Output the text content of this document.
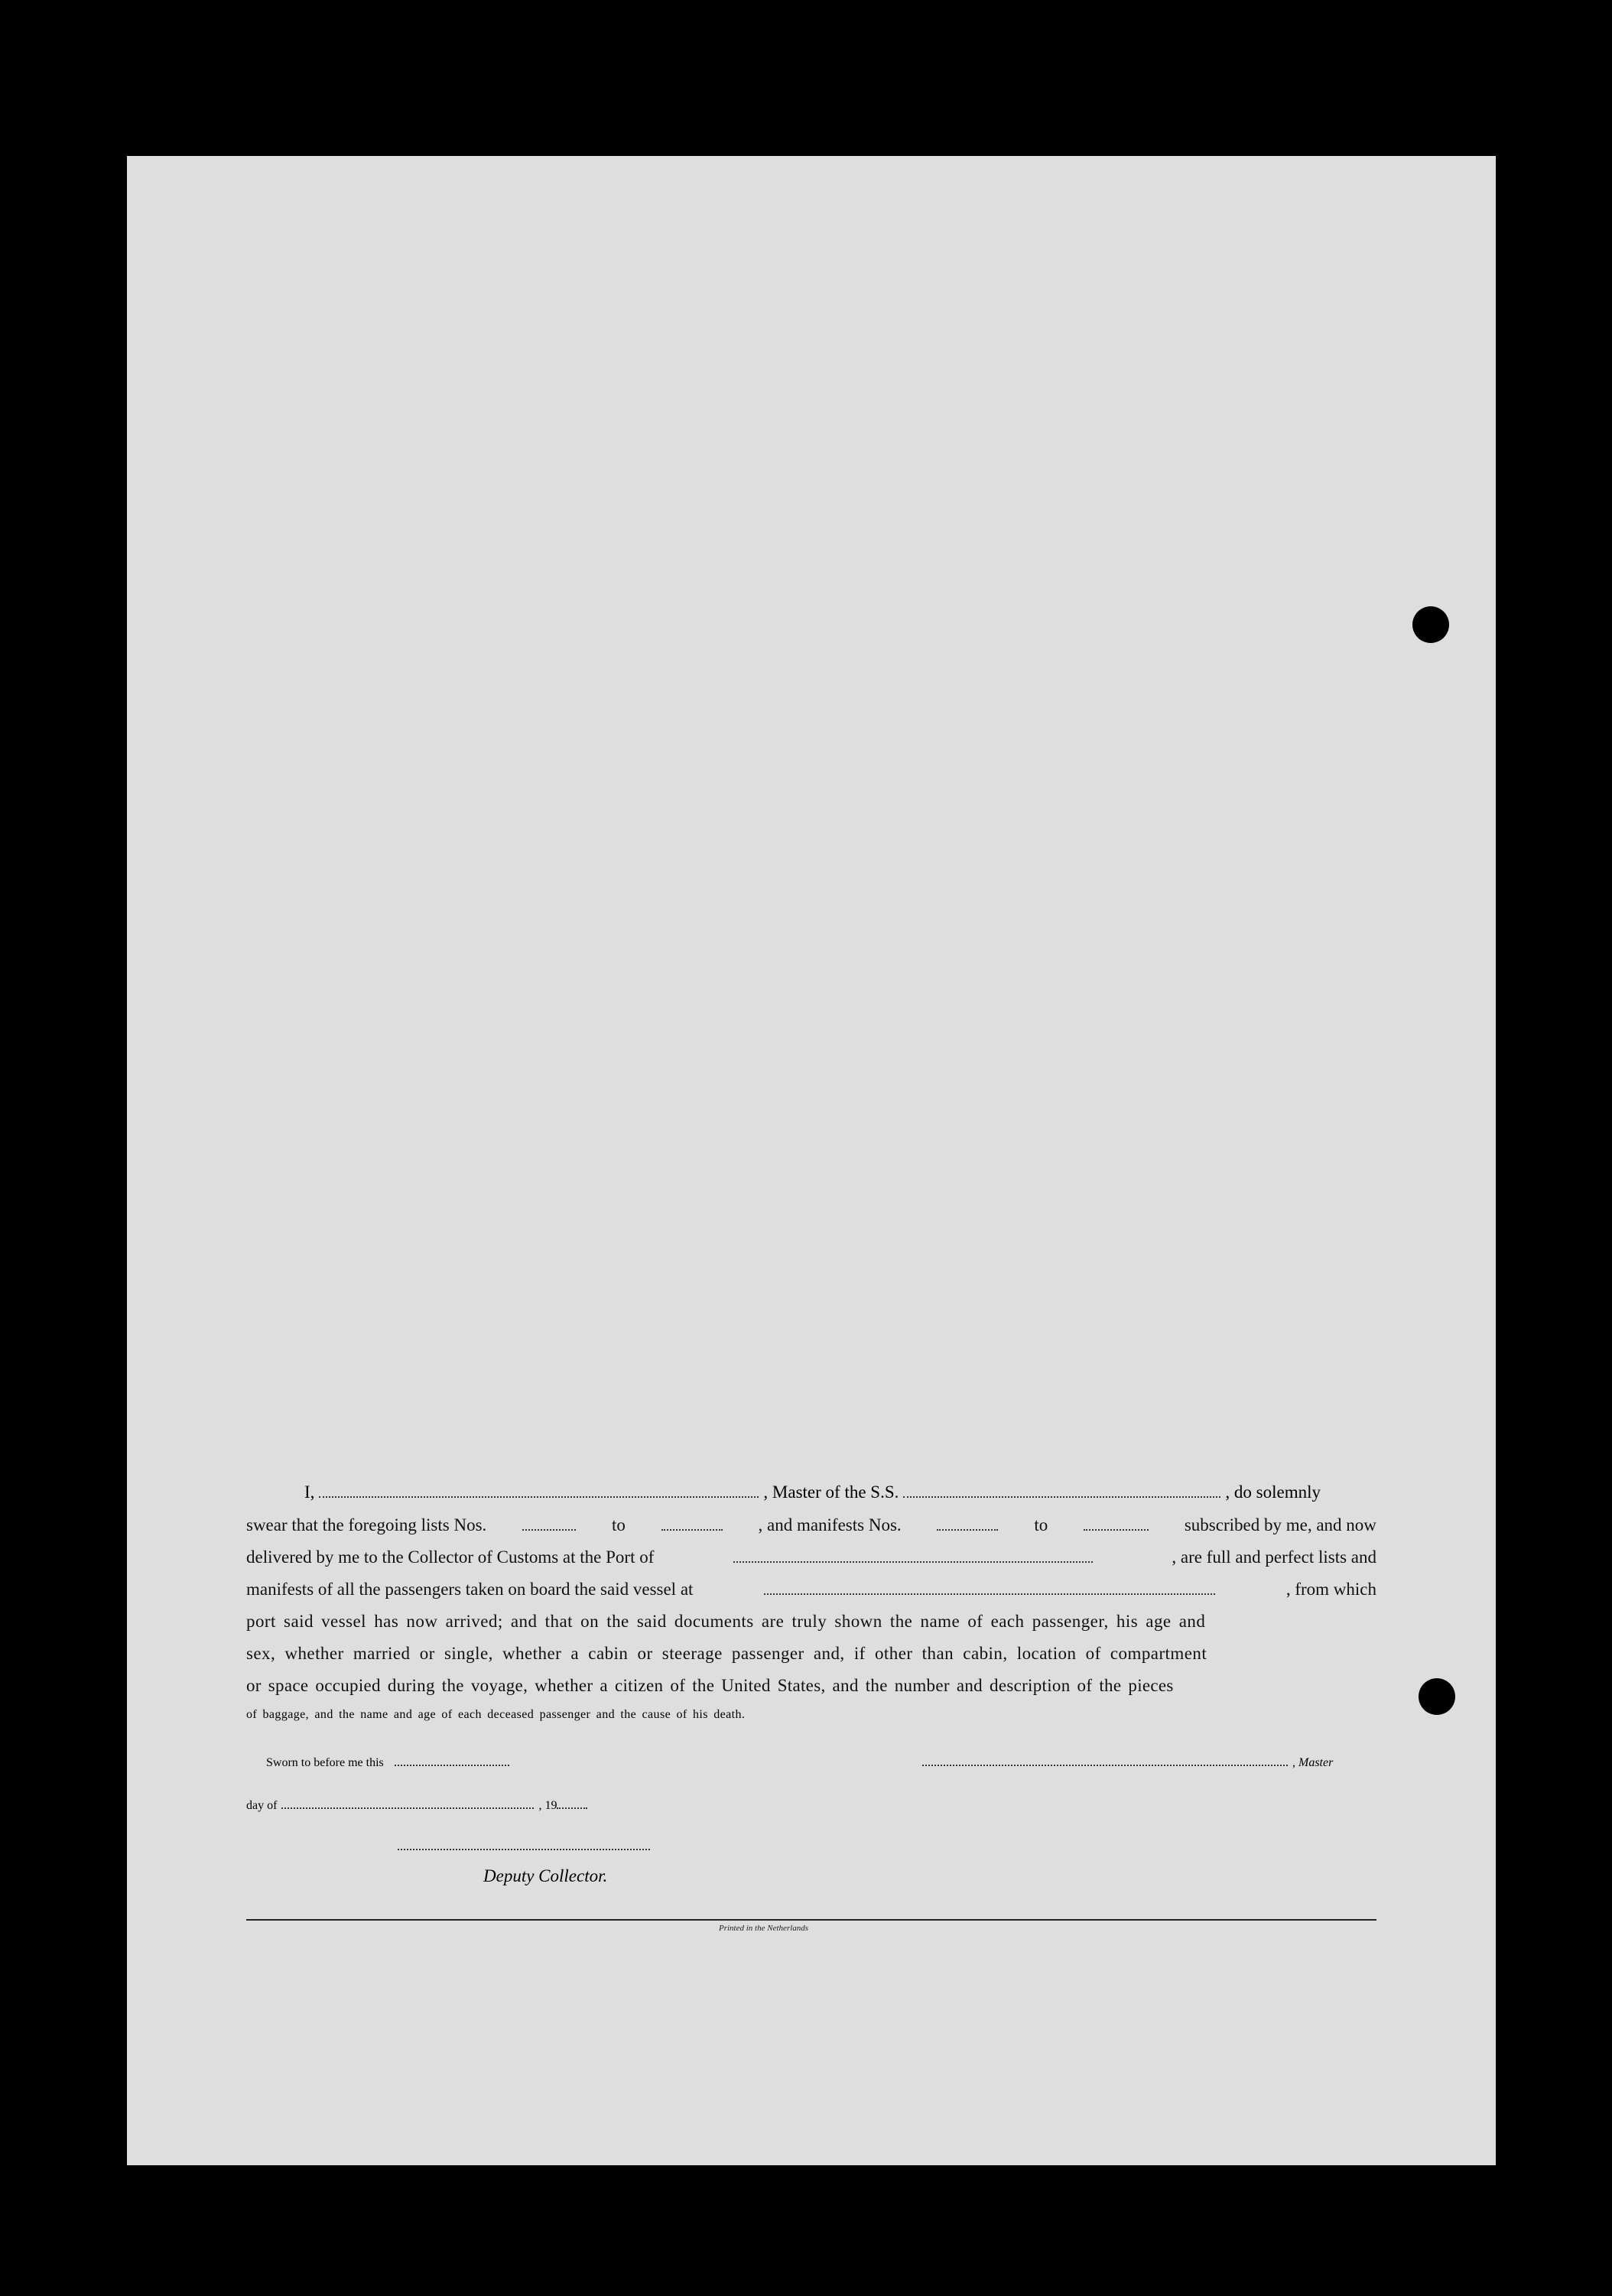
I,	, Master of the S.S.	, do solemnly
swear that the foregoing lists Nos.	to	, and manifests Nos.	to	subscribed by me, and now
delivered by me to the Collector of Customs at the Port of	, are full and perfect lists and
manifests of all the passengers taken on board the said vessel at	, from which
port said vessel has now arrived; and that on the said documents are truly shown the name of each passenger, his age and
sex, whether married or single, whether a cabin or steerage passenger and, if other than cabin, location of compartment
or space occupied during the voyage, whether a citizen of the United States, and the number and description of the pieces
of baggage, and the name and age of each deceased passenger and the cause of his death.
Sworn to before me this	, Master
day of	, 19
Deputy Collector.
Printed in the Netherlands
